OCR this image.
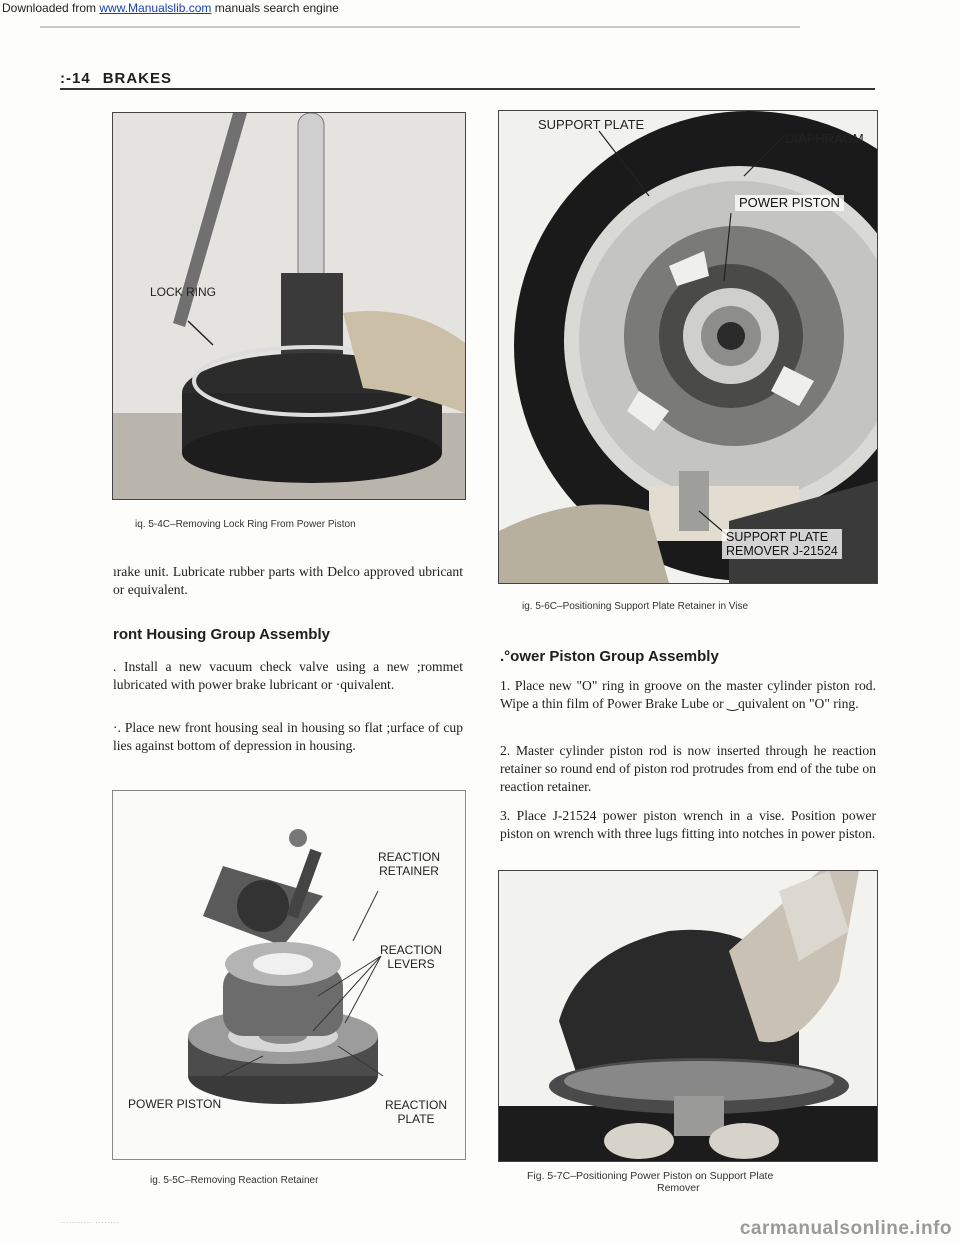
Downloaded from www.Manualslib.com manuals search engine
:-14 BRAKES
LOCK RING
iq. 5-4C–Removing Lock Ring From Power Piston
ırake unit. Lubricate rubber parts with Delco approved ubricant or equivalent.
ront Housing Group Assembly
. Install a new vacuum check valve using a new ;rommet lubricated with power brake lubricant or ·quivalent.
·. Place new front housing seal in housing so flat ;urface of cup lies against bottom of depression in housing.
REACTION
RETAINER
REACTION
LEVERS
POWER PISTON	REACTION
PLATE
ig. 5-5C–Removing Reaction Retainer
SUPPORT PLATE
DIAPHRAGM
POWER PISTON
SUPPORT PLATE
REMOVER J-21524
ig. 5-6C–Positioning Support Plate Retainer in Vise
.°ower Piston Group Assembly
1. Place new "O" ring in groove on the master cylinder piston rod. Wipe a thin film of Power Brake Lube or ‿quivalent on "O" ring.
2. Master cylinder piston rod is now inserted through he reaction retainer so round end of piston rod protrudes from end of the tube on reaction retainer.
3. Place J-21524 power piston wrench in a vise. Position power piston on wrench with three lugs fitting into notches in power piston.
Fig. 5-7C–Positioning Power Piston on Support Plate
Remover
··········· ········	carmanualsonline.info
